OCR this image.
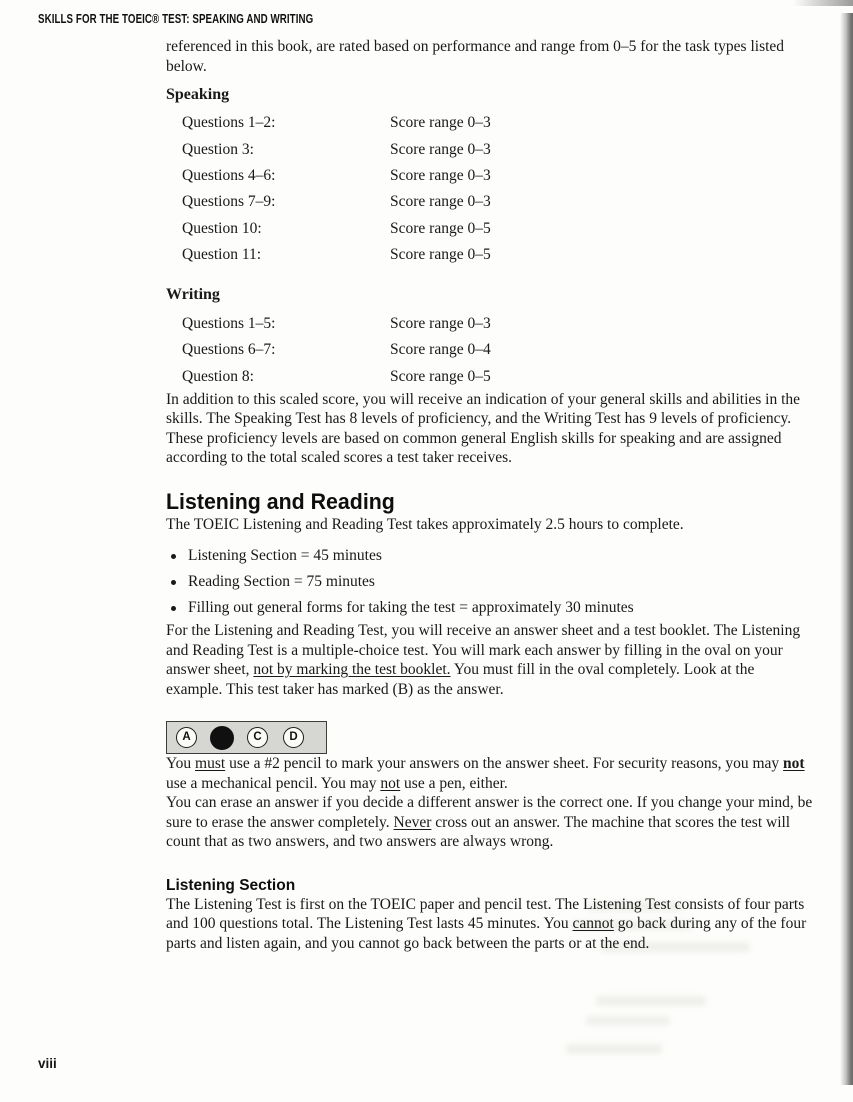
SKILLS FOR THE TOEIC® TEST: SPEAKING AND WRITING

referenced in this book, are rated based on performance and range from 0–5 for the task types listed below.

Speaking
Questions 1–2:	Score range 0–3
Question 3:	Score range 0–3
Questions 4–6:	Score range 0–3
Questions 7–9:	Score range 0–3
Question 10:	Score range 0–5
Question 11:	Score range 0–5
Writing
Questions 1–5:	Score range 0–3
Questions 6–7:	Score range 0–4
Question 8:	Score range 0–5

In addition to this scaled score, you will receive an indication of your general skills and abilities in the skills. The Speaking Test has 8 levels of proficiency, and the Writing Test has 9 levels of proficiency. These proficiency levels are based on common general English skills for speaking and are assigned according to the total scaled scores a test taker receives.

Listening and Reading

The TOEIC Listening and Reading Test takes approximately 2.5 hours to complete.

Listening Section = 45 minutes
Reading Section = 75 minutes
Filling out general forms for taking the test = approximately 30 minutes

For the Listening and Reading Test, you will receive an answer sheet and a test booklet. The Listening and Reading Test is a multiple-choice test. You will mark each answer by filling in the oval on your answer sheet, not by marking the test booklet. You must fill in the oval completely. Look at the example. This test taker has marked (B) as the answer.

A	C D

You must use a #2 pencil to mark your answers on the answer sheet. For security reasons, you may not use a mechanical pencil. You may not use a pen, either.

You can erase an answer if you decide a different answer is the correct one. If you change your mind, be sure to erase the answer completely. Never cross out an answer. The machine that scores the test will count that as two answers, and two answers are always wrong.

Listening Section

The Listening Test is first on the TOEIC paper and pencil test. The Listening Test consists of four parts and 100 questions total. The Listening Test lasts 45 minutes. You cannot go back during any of the four parts and listen again, and you cannot go back between the parts or at the end.

viii
